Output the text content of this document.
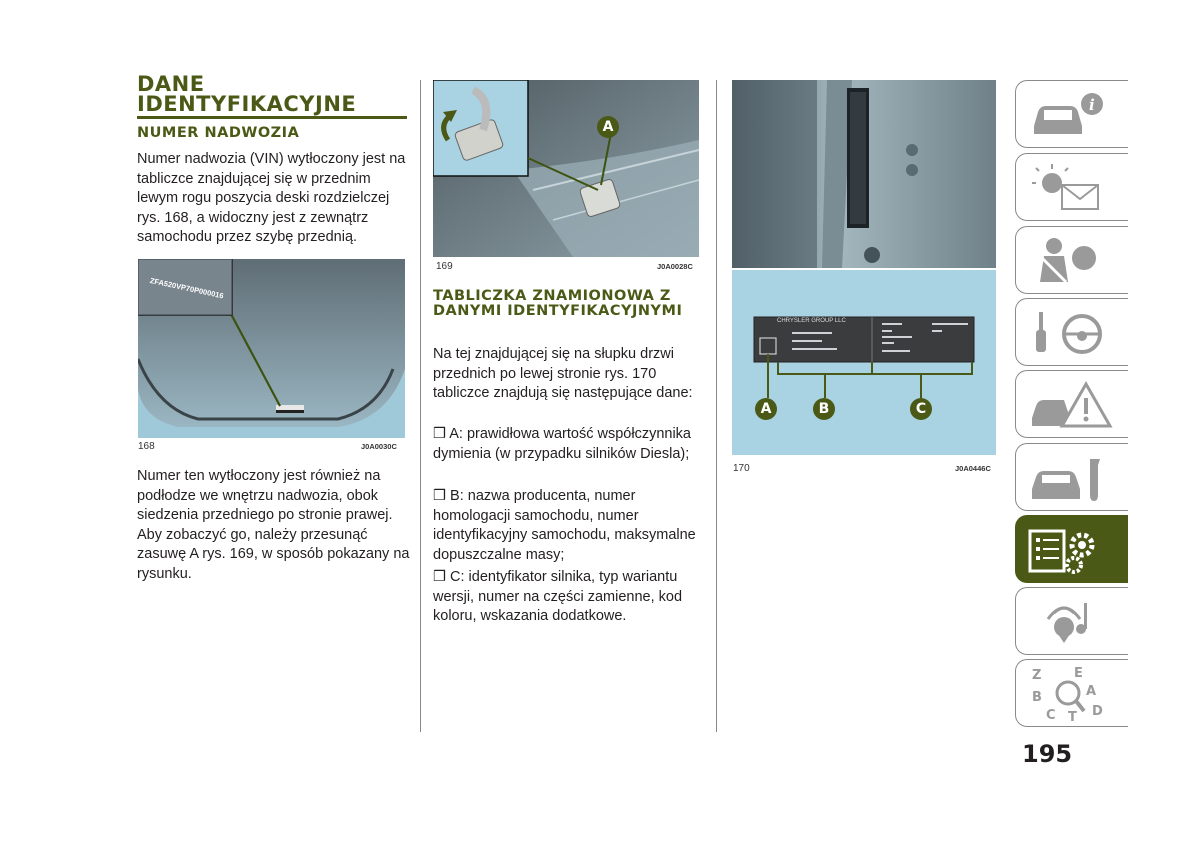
DANE IDENTYFIKACYJNE
NUMER NADWOZIA
Numer nadwozia (VIN) wytłoczony jest na tabliczce znajdującej się w przednim lewym rogu poszycia deski rozdzielczej rys. 168, a widoczny jest z zewnątrz samochodu przez szybę przednią.
ZFA520VP70P000016
168	J0A0030C
Numer ten wytłoczony jest również na podłodze we wnętrzu nadwozia, obok siedzenia przedniego po stronie prawej. Aby zobaczyć go, należy przesunąć zasuwę A rys. 169, w sposób pokazany na rysunku.
A
169	J0A0028C
TABLICZKA ZNAMIONOWA Z DANYMI IDENTYFIKACYJNYMI
Na tej znajdującej się na słupku drzwi przednich po lewej stronie rys. 170 tabliczce znajdują się następujące dane:
❒ A: prawidłowa wartość współczynnika dymienia (w przypadku silników Diesla);
❒ B: nazwa producenta, numer homologacji samochodu, numer identyfikacyjny samochodu, maksymalne dopuszczalne masy;
❒ C: identyfikator silnika, typ wariantu wersji, numer na części zamienne, kod koloru, wskazania dodatkowe.
CHRYSLER GROUP LLC
A	B	C
170	J0A0446C
i
Z	E
A
B
C	D
T
195
